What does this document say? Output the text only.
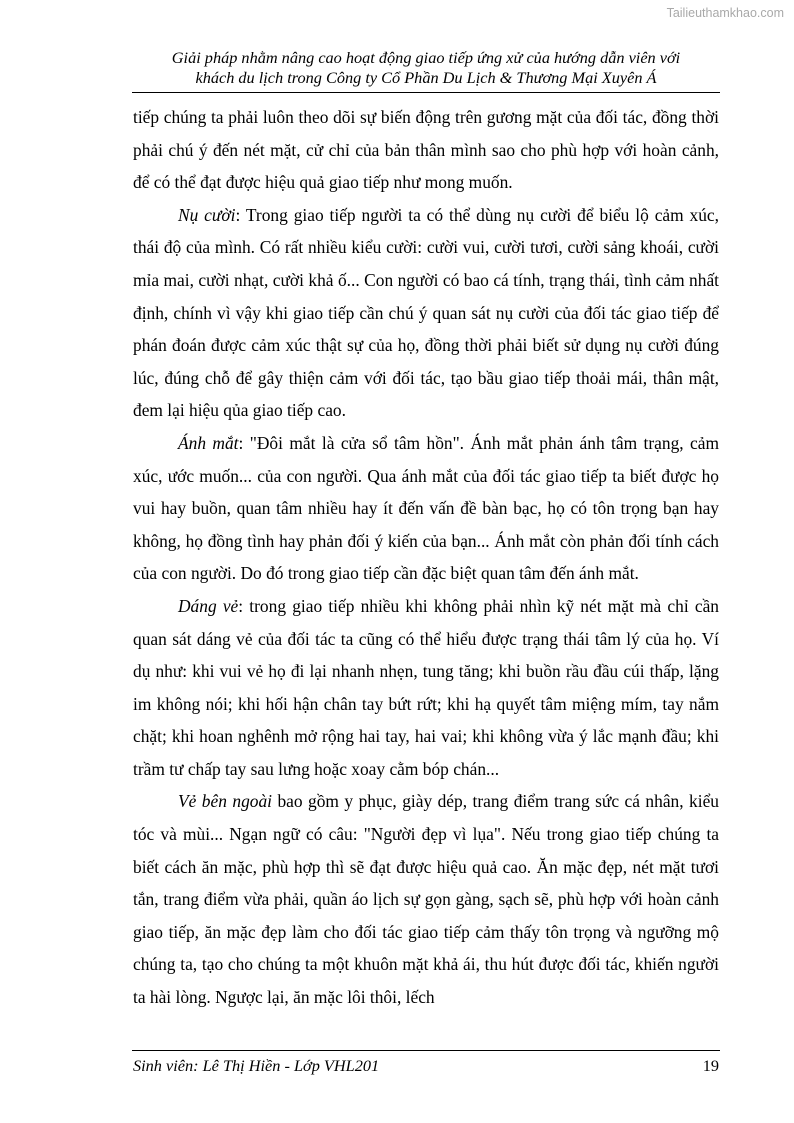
Tailieuthamkhao.com
Giải pháp nhằm nâng cao hoạt động giao tiếp ứng xử của hướng dẫn viên với
khách du lịch trong Công ty Cổ Phần Du Lịch & Thương Mại Xuyên Á

tiếp chúng ta phải luôn theo dõi sự biến động trên gương mặt của đối tác, đồng thời phải chú ý đến nét mặt, cử chỉ của bản thân mình sao cho phù hợp với hoàn cảnh, để có thể đạt được hiệu quả giao tiếp như mong muốn.

Nụ cười: Trong giao tiếp người ta có thể dùng nụ cười để biểu lộ cảm xúc, thái độ của mình. Có rất nhiều kiểu cười: cười vui, cười tươi, cười sảng khoái, cười mỉa mai, cười nhạt, cười khả ố... Con người có bao cá tính, trạng thái, tình cảm nhất định, chính vì vậy khi giao tiếp cần chú ý quan sát nụ cười của đối tác giao tiếp để phán đoán được cảm xúc thật sự của họ, đồng thời phải biết sử dụng nụ cười đúng lúc, đúng chỗ để gây thiện cảm với đối tác, tạo bầu giao tiếp thoải mái, thân mật, đem lại hiệu qủa giao tiếp cao.

Ánh mắt: "Đôi mắt là cửa sổ tâm hồn". Ánh mắt phản ánh tâm trạng, cảm xúc, ước muốn... của con người. Qua ánh mắt của đối tác giao tiếp ta biết được họ vui hay buồn, quan tâm nhiều hay ít đến vấn đề bàn bạc, họ có tôn trọng bạn hay không, họ đồng tình hay phản đối ý kiến của bạn... Ánh mắt còn phản đối tính cách của con người. Do đó trong giao tiếp cần đặc biệt quan tâm đến ánh mắt.

Dáng vẻ: trong giao tiếp nhiều khi không phải nhìn kỹ nét mặt mà chỉ cần quan sát dáng vẻ của đối tác ta cũng có thể hiểu được trạng thái tâm lý của họ. Ví dụ như: khi vui vẻ họ đi lại nhanh nhẹn, tung tăng; khi buồn rầu đầu cúi thấp, lặng im không nói; khi hối hận chân tay bứt rứt; khi hạ quyết tâm miệng mím, tay nắm chặt; khi hoan nghênh mở rộng hai tay, hai vai; khi không vừa ý lắc mạnh đầu; khi trầm tư chấp tay sau lưng hoặc xoay cằm bóp chán...

Vẻ bên ngoài bao gồm y phục, giày dép, trang điểm trang sức cá nhân, kiểu tóc và mùi... Ngạn ngữ có câu: "Người đẹp vì lụa". Nếu trong giao tiếp chúng ta biết cách ăn mặc, phù hợp thì sẽ đạt được hiệu quả cao. Ăn mặc đẹp, nét mặt tươi tắn, trang điểm vừa phải, quần áo lịch sự gọn gàng, sạch sẽ, phù hợp với hoàn cảnh giao tiếp, ăn mặc đẹp làm cho đối tác giao tiếp cảm thấy tôn trọng và ngưỡng mộ chúng ta, tạo cho chúng ta một khuôn mặt khả ái, thu hút được đối tác, khiến người ta hài lòng. Ngược lại, ăn mặc lôi thôi, lếch

Sinh viên: Lê Thị Hiền - Lớp VHL201	19
